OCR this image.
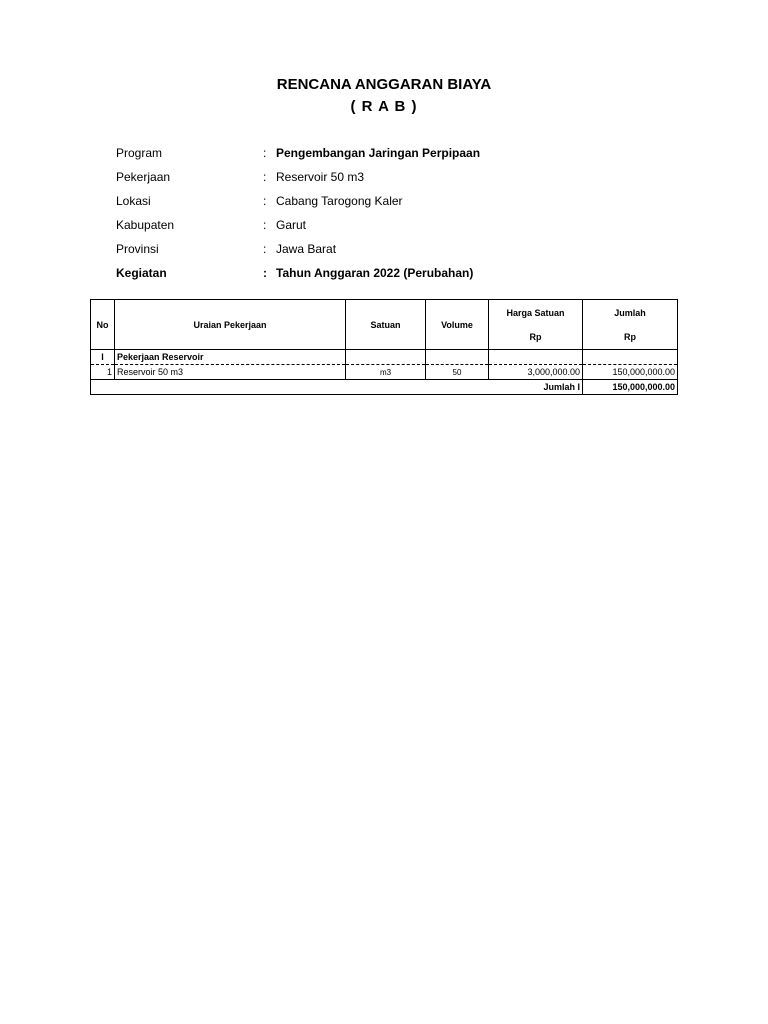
RENCANA ANGGARAN BIAYA
( R A B )
Program	: Pengembangan Jaringan Perpipaan
Pekerjaan	: Reservoir 50 m3
Lokasi	: Cabang Tarogong Kaler
Kabupaten	: Garut
Provinsi	: Jawa Barat
Kegiatan	: Tahun Anggaran 2022 (Perubahan)
No	Uraian Pekerjaan	Satuan	Volume	Harga Satuan	Jumlah
				Rp	Rp
I	Pekerjaan Reservoir				
1	Reservoir 50 m3	m3	50	3,000,000.00	150,000,000.00
Jumlah I					150,000,000.00
